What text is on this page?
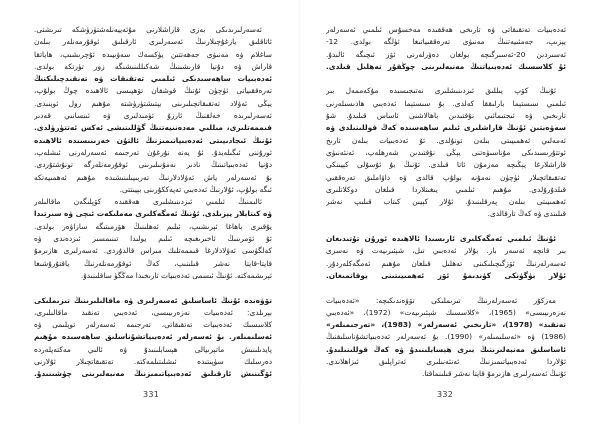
ئەسەرلىرىدىكى بەزى قاراشلارنى مۇئەييەنلەشتۈرۈشكە تىرىشتى.
ئاتاقلىق يازغۇچىلارنىڭ ئەسەرلىرى ئارقىلىق ئوقۇرمەنلەر بىلەن
ساغلام ۋە مەنىۋى جەھەتتىن يۈكسەك سەۋىيىدە ئۇچرىشىپ، ھاياتقا
قاراش ۋە دۇنيا قارىشىنىڭ شەكىللىنىشىگە زور تۈرتكە بولدى.
ئەدەبىيات ساھەسىدىكى ئىلمىي تەتقىقات ۋە تەنقىدچىلىكنىڭ
تەرەققىياتى ئۈچۈن ئۇنىڭ قوشقان تۆھپىسى ئالاھىدە چوڭ بولۇپ،
يېڭى ئەۋلاد تەتقىقاتچىلىرىنى يېتىشتۈرۈشتە مۇھىم رول ئوينىدى.
ئەسەرلىرىدە خەلقنىڭ ئارزۇ ئۈمىدلىرى ۋە ئىنسانىي قەدىر
قىممەتلىرى، مىللىي مەدەنىيەتنىڭ گۈللىنىشى ئەكس ئەتتۈرۈلدى.
ئۇنىڭ ئىجادىيىتى ئەدەبىياتىمىزنىڭ ئالتۇن خەزىنىسىدە ئالاھىدە
ئورۇننى ئىگىلەيدۇ. ئۇ يەنە نۇرغۇن تەرجىمە ئەسەرلەرنى ئىشلەپ،
دۇنيا ئەدەبىياتىنىڭ نادىر نەمۇنىلىرىنى ئوقۇرمەنلەرگە تونۇشتۇردى.
بۇ ئەسەرلەر ياش ئەۋلادلارنىڭ تەربىيىلىنىشىدە مۇھىم ئەھمىيەتكە
ئىگە بولۇپ، ئۇلارنىڭ ئەدەبىي تەپەككۇرىنى بېيىتتى.
ئالىمنىڭ ئىلمىي ئىزدىنىشلىرى ھەققىدە كۆپلىگەن ماقالىلەر
ۋە كىتابلار يېزىلدى. ئۇنىڭ ئەمگەكلىرى مەملىكەت ئىچى ۋە سىرتىدا
يۇقىرى باھاغا ئېرىشىپ، ئىلىم ئەھلىنىڭ ھۆرمىتىگە سازاۋەر بولدى.
ئۇ ئۆمرىنىڭ ئاخىرىغىچە ئىلىم يولىدا تىنىمسىز ئىزدەندى ۋە
كەلگۈسى ئەۋلادلارغا قىممەتلىك مىراس قالدۇردى. ئەسەرلىرى ھازىرمۇ
قايتا-قايتا نەشر قىلىنىپ، كەڭ ئوقۇرمەنلەرنىڭ ياقتۇرۇشىغا
ئېرىشمەكتە. ئۇنىڭ ئىسمى ئەدەبىيات تارىخىدا مەڭگۈ ساقلىنىدۇ.
تۆۋەندە ئۇنىڭ ئاساسلىق ئەسەرلىرى ۋە ماقالىلىرىنىڭ تىزىملىكى
بېرىلدى: ئەدەبىيات نەزەرىيىسى، ئەدەبىي تەنقىد ماقالىلىرى،
كلاسسىك ئەدەبىيات تەتقىقاتى، تەرجىمە ئەسەرلەر توپلىمى ۋە
ئەسلىمىلەر. بۇ ئەسەرلەر ئەدەبىياتشۇناسلىق ساھەسىدە مۇھىم
پايدىلىنىش ماتېرىيالى ھېسابلىنىدۇ ۋە ئالىي مەكتەپلەردە
دەرسلىك سۈپىتىدە ئىشلىتىلمەكتە. تەتقىقاتچىلار ئۇلارنى
ئۆگىنىش ئارقىلىق ئەدەبىياتىمىزنىڭ مەنبەلىرىنى چۈشىنىدۇ.
331
ئەدەبىيات تەتقىقاتى ۋە تارىخى ھەققىدە مەخسۇس ئىلمىي ئەسەرلەر
يېزىپ، جەمئىيەتنىڭ مەنىۋى تەرەققىياتىغا ئۈلگە بولدى. 12-
ئەسىردىن 20-ئەسىرگىچە بولغان دەۋرلەرنى ئۆز ئىچىگە ئالىدۇ.
ئۇ كلاسسىك ئەدەبىياتنىڭ مەنبەلىرىنى چوڭقۇر تەھلىل قىلدى.
ئۇنىڭ كۆپ يىللىق ئىزدىنىشلىرى نەتىجىسىدە مۇكەممەل بىر
ئىلمىي سىستېما بارلىققا كەلدى. بۇ سىستېما ئەدەبىي ھادىسىلەرنى
تارىخىي ۋە ئىجتىمائىي نۇقتىدىن باھالاشنى ئاساس قىلىدۇ. شۇ
سەۋەبتىن ئۇنىڭ قاراشلىرى ئىلىم ساھەسىدە كەڭ قوللىنىلدى ۋە
ئەمەلىي ئەھمىيىتى بىلەن تونۇلدى. ئۇ ئەدەبىيات بىلەن تارىخ
ئوتتۇرىسىدىكى مۇناسىۋەتنى يېڭى نۇقتىدىن شەرھلەپ، ئەنئەنىۋى
قاراشلارغا يېڭىچە مەزمۇن ئاتا قىلدى. ئۇنىڭ بۇ ئۇسۇلى كېيىنكى
تەتقىقاتچىلار ئۈچۈن نەمۇنە بولۇپ قالدى ۋە داۋاملىق تەرەققىي
قىلدۇرۇلدى. مۇھىم ئىلمىي يىغىنلاردا قىلغان دوكلاتلىرى
ئەھمىيىتى بىلەن پەرقلىنىدۇ. ئۇلار كېيىن كىتاب قىلىپ نەشر
قىلىندى ۋە كەڭ تارقالدى.
ئۇنىڭ ئىلمىي ئەمگەكلىرى ئارىسىدا ئالاھىدە ئورۇن تۇتىدىغان
بىر قانچە ئەسەر بار. بۇلار ئەدەبىي تىل، شېئىرىيەت ۋە نەسرى
ئەسەرلەرنىڭ ئۆزگىچىلىكىنى تەھلىل قىلغان مۇھىم ئەمگەكلەردۇر.
ئۇلار بۈگۈنكى كۈندىمۇ ئۆز ئەھمىيىتىنى يوقاتمىغان.
مەزكۇر ئەسەرلەرنىڭ تىزىملىكى تۆۋەندىكىچە: «ئەدەبىيات
نەزەرىيىسى» (1965)، «كلاسسىك شېئىرىيەت» (1972)، «ئەدەبىي
تەنقىد» (1978)، «تارىخىي ئەسەرلەر» (1983)، «تەرجىمىلەر»
(1986) ۋە «ئەسلىمىلەر» (1990). بۇ ئەسەرلەر ئەدەبىياتشۇناسلىقنىڭ
ئاساسلىق مەنبەلىرىنىڭ بىرى ھېسابلىنىدۇ ۋە كەڭ قوللىنىلىدۇ.
ئۇلاردا ئەدەبىياتىمىزنىڭ ئەنئەنىلىرى ئەتراپلىق ئىزاھلاندى.
ئۇنىڭ ئەسەرلىرى ھازىرمۇ قايتا نەشر قىلىنماقتا.
332
